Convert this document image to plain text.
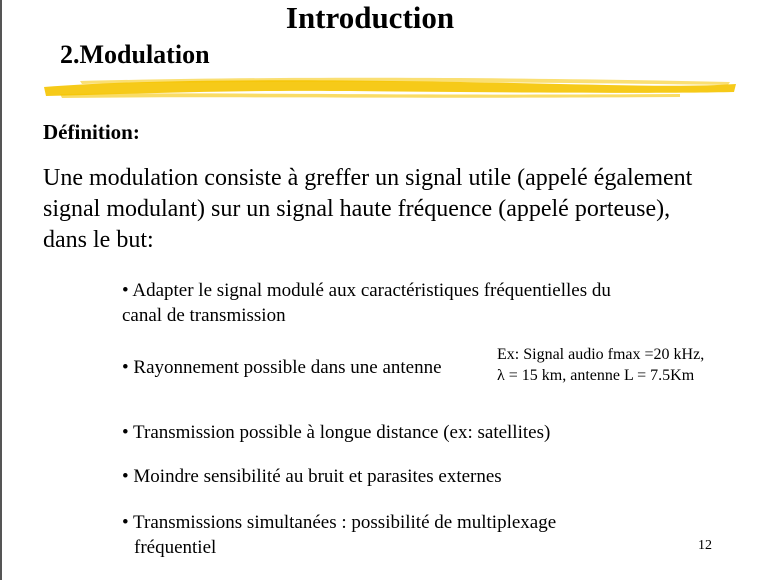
Introduction
2.Modulation
Définition:
Une modulation consiste à greffer un signal utile (appelé également
signal modulant) sur un signal haute fréquence (appelé porteuse),
dans le but:
• Adapter le signal modulé aux caractéristiques fréquentielles du
canal de transmission
• Rayonnement possible dans une antenne
Ex: Signal audio fmax =20 kHz,
λ = 15 km, antenne L = 7.5Km
• Transmission possible à longue distance (ex: satellites)
• Moindre sensibilité au bruit et parasites externes
• Transmissions simultanées : possibilité de multiplexage
fréquentiel	12
